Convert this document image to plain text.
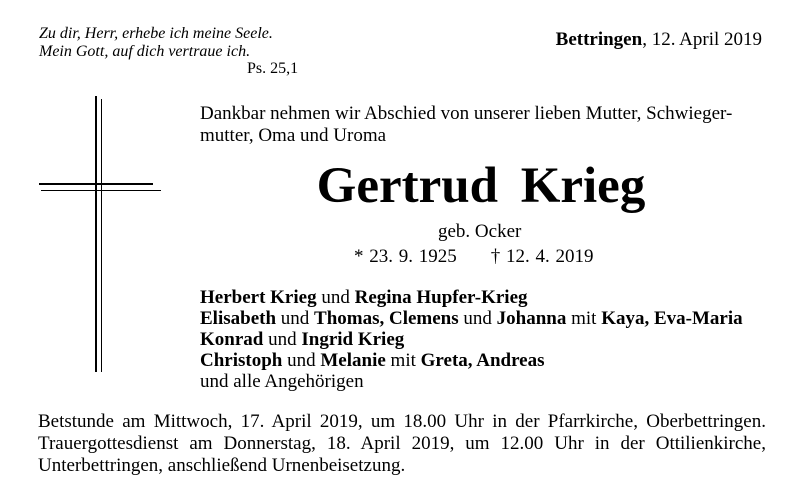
Zu dir, Herr, erhebe ich meine Seele.
Mein Gott, auf dich vertraue ich.
Ps. 25,1
Bettringen, 12. April 2019
Dankbar nehmen wir Abschied von unserer lieben Mutter, Schwieger-
mutter, Oma und Uroma
Gertrud Krieg
geb. Ocker
* 23. 9. 1925 † 12. 4. 2019
Herbert Krieg und Regina Hupfer-Krieg
Elisabeth und Thomas, Clemens und Johanna mit Kaya, Eva-Maria
Konrad und Ingrid Krieg
Christoph und Melanie mit Greta, Andreas
und alle Angehörigen
Betstunde am Mittwoch, 17. April 2019, um 18.00 Uhr in der Pfarrkirche, Oberbettringen.
Trauergottesdienst am Donnerstag, 18. April 2019, um 12.00 Uhr in der Ottilienkirche,
Unterbettringen, anschließend Urnenbeisetzung.
